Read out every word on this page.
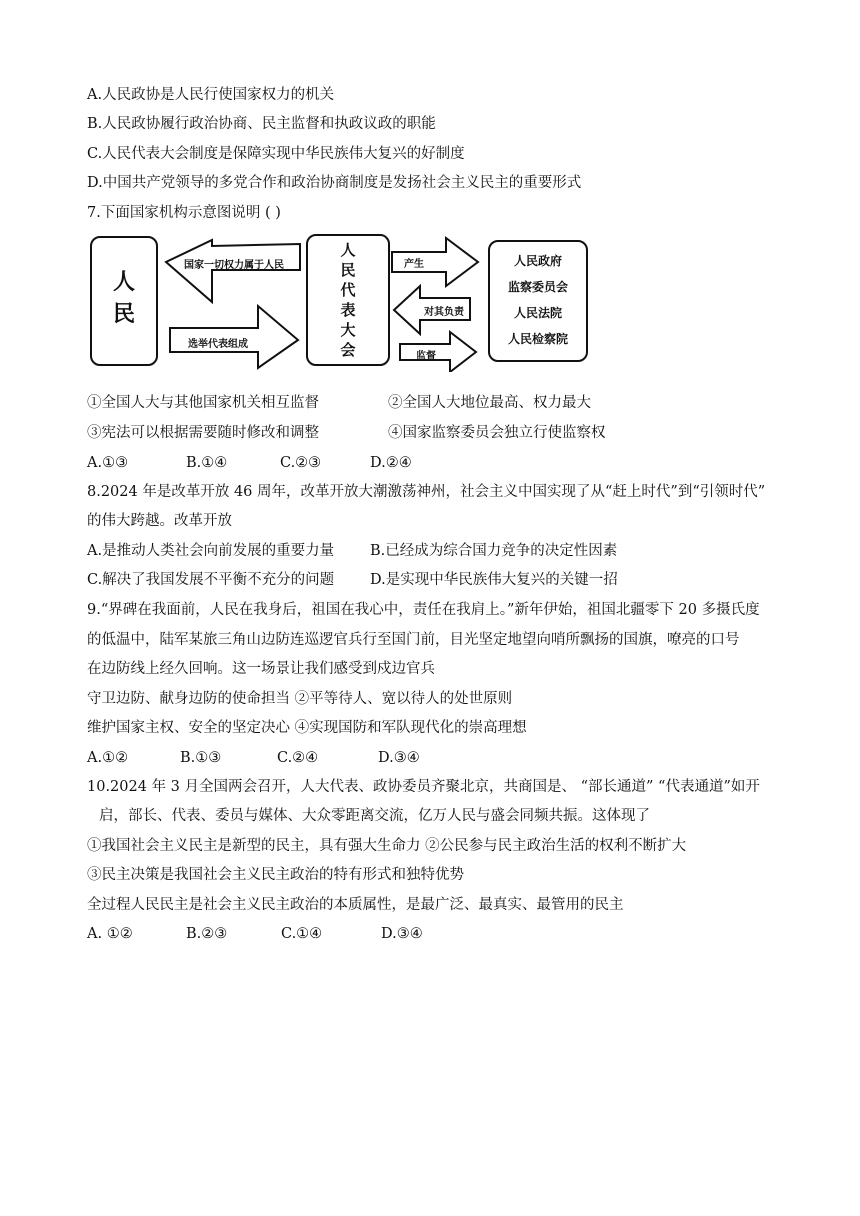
A.人民政协是人民行使国家权力的机关
B.人民政协履行政治协商、民主监督和执政议政的职能
C.人民代表大会制度是保障实现中华民族伟大复兴的好制度
D.中国共产党领导的多党合作和政治协商制度是发扬社会主义民主的重要形式
7.下面国家机构示意图说明 ( )
人
民
国家一切权力属于人民
选举代表组成
人
民
代
表
大
会
产生
对其负责
监督
人民政府
监察委员会
人民法院
人民检察院
①全国人大与其他国家机关相互监督	②全国人大地位最高、权力最大
③宪法可以根据需要随时修改和调整	④国家监察委员会独立行使监察权
A.①③	B.①④	C.②③	D.②④
8.2024 年是改革开放 46 周年，改革开放大潮激荡神州，社会主义中国实现了从“赶上时代”到“引领时代”
的伟大跨越。改革开放
A.是推动人类社会向前发展的重要力量 B.已经成为综合国力竞争的决定性因素
C.解决了我国发展不平衡不充分的问题 D.是实现中华民族伟大复兴的关键一招
9.“界碑在我面前，人民在我身后，祖国在我心中，责任在我肩上。”新年伊始，祖国北疆零下 20 多摄氏度
的低温中，陆军某旅三角山边防连巡逻官兵行至国门前，目光坚定地望向哨所飘扬的国旗，嘹亮的口号
在边防线上经久回响。这一场景让我们感受到戍边官兵
守卫边防、献身边防的使命担当 ②平等待人、宽以待人的处世原则
维护国家主权、安全的坚定决心 ④实现国防和军队现代化的崇高理想
A.①②	B.①③	C.②④	D.③④
10.2024 年 3 月全国两会召开，人大代表、政协委员齐聚北京，共商国是、 “部长通道” “代表通道”如开
启，部长、代表、委员与媒体、大众零距离交流，亿万人民与盛会同频共振。这体现了
①我国社会主义民主是新型的民主，具有强大生命力 ②公民参与民主政治生活的权利不断扩大
③民主决策是我国社会主义民主政治的特有形式和独特优势
全过程人民民主是社会主义民主政治的本质属性，是最广泛、最真实、最管用的民主
A. ①②	B.②③	C.①④	D.③④
